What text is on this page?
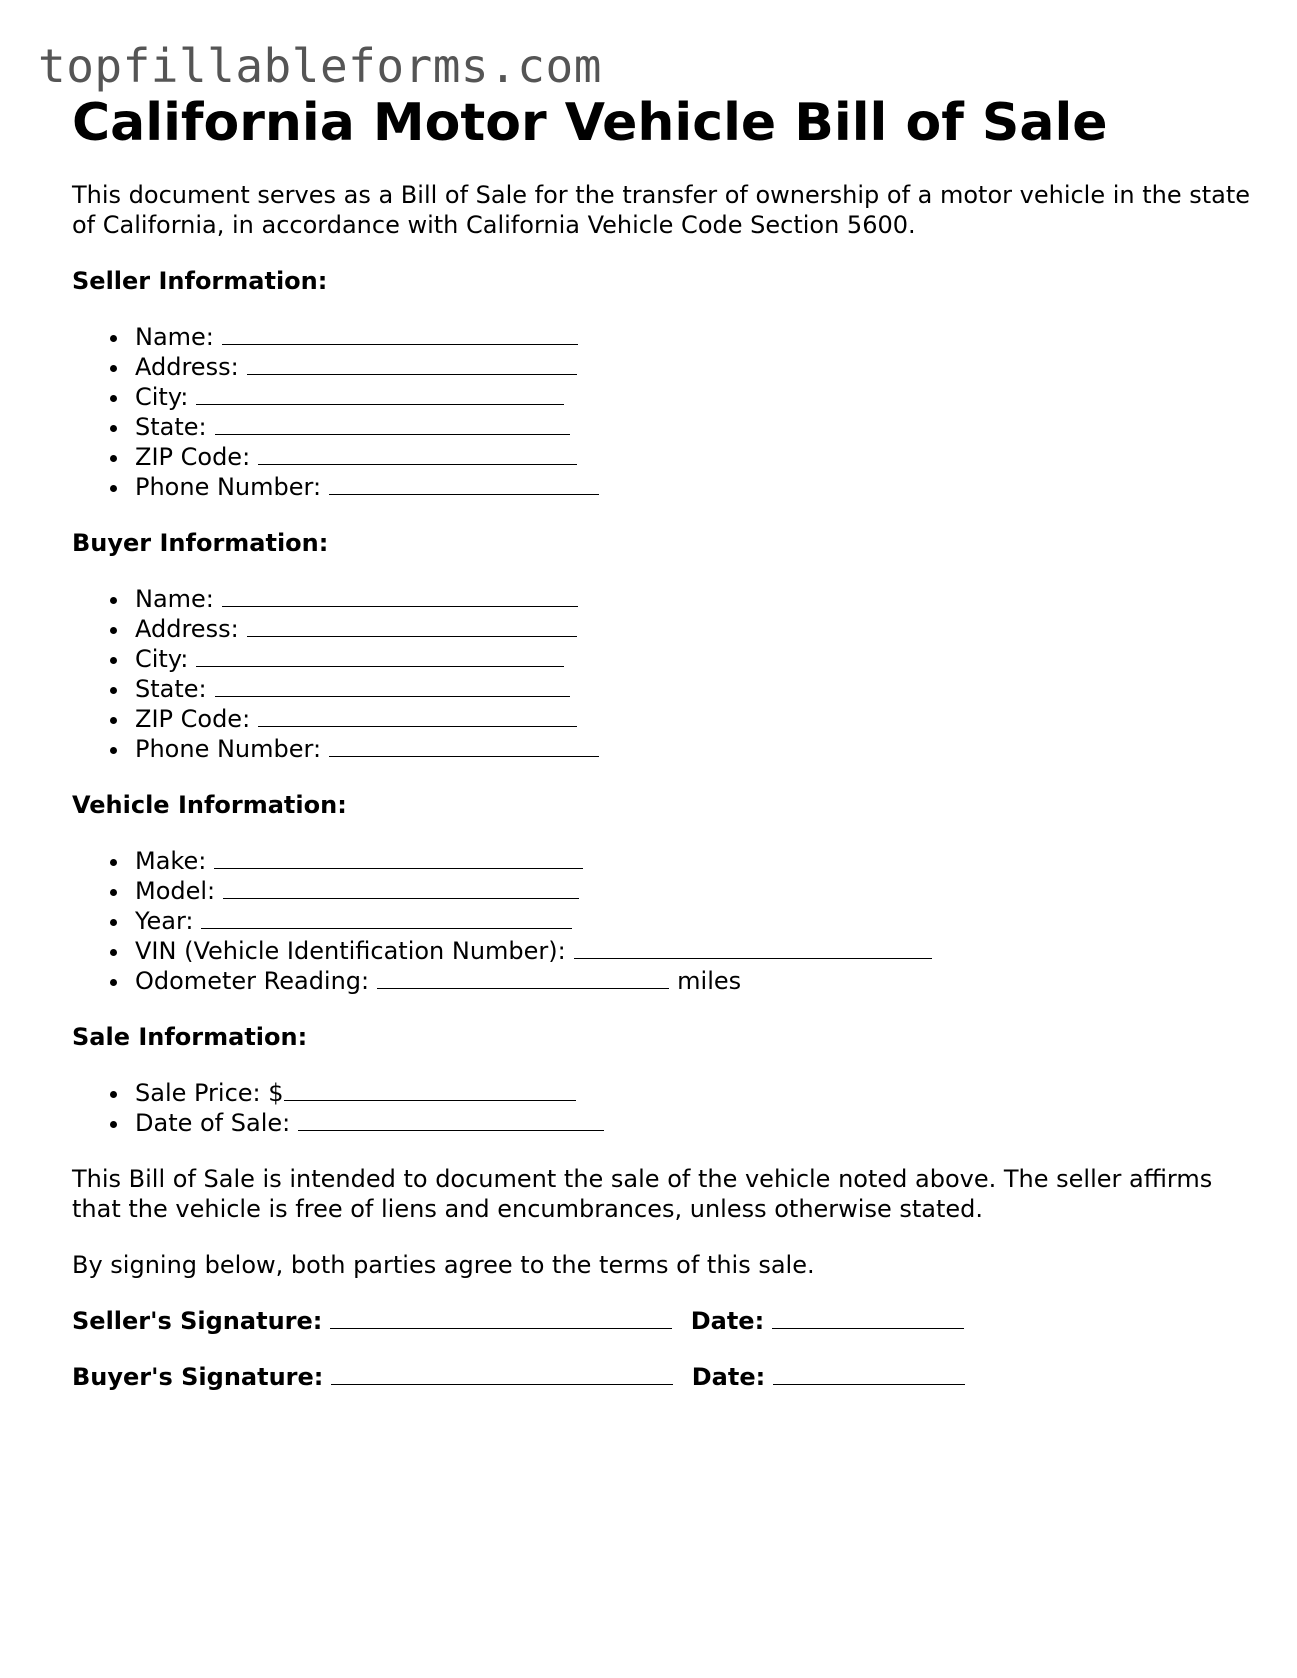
topfillableforms.com
California Motor Vehicle Bill of Sale

This document serves as a Bill of Sale for the transfer of ownership of a motor vehicle in the state of California, in accordance with California Vehicle Code Section 5600.

Seller Information:
Name:
Address:
City:
State:
ZIP Code:
Phone Number:
Buyer Information:
Name:
Address:
City:
State:
ZIP Code:
Phone Number:
Vehicle Information:
Make:
Model:
Year:
VIN (Vehicle Identification Number):
Odometer Reading:	miles
Sale Information:
Sale Price: $
Date of Sale:

This Bill of Sale is intended to document the sale of the vehicle noted above. The seller affirms that the vehicle is free of liens and encumbrances, unless otherwise stated.

By signing below, both parties agree to the terms of this sale.

Seller's Signature:	Date:
Buyer's Signature:	Date:
